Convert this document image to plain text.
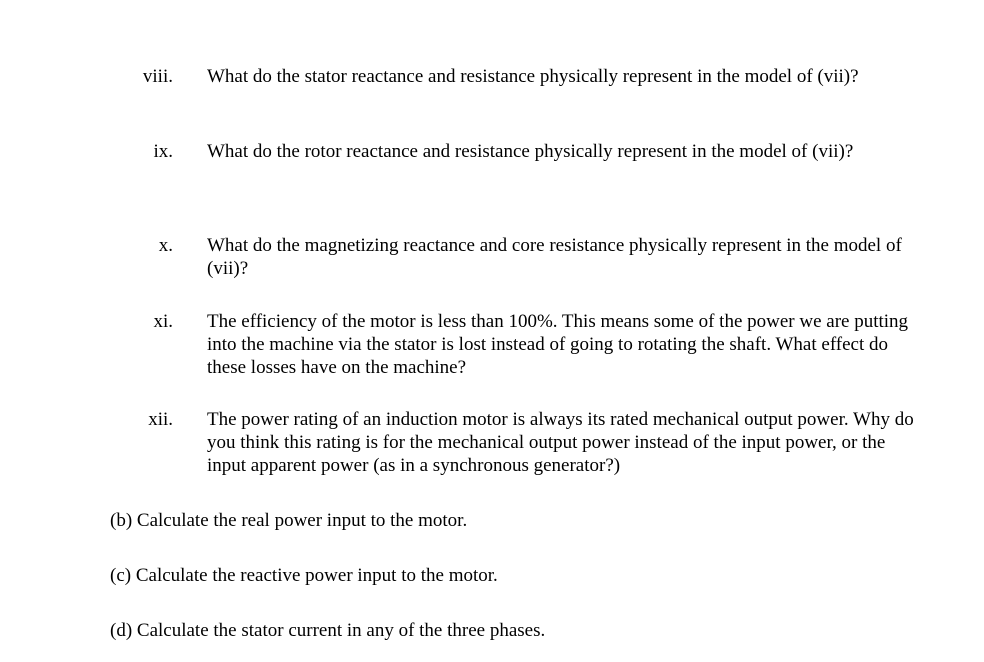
viii. What do the stator reactance and resistance physically represent in the model of (vii)?
ix. What do the rotor reactance and resistance physically represent in the model of (vii)?
x. What do the magnetizing reactance and core resistance physically represent in the model of (vii)?
xi. The efficiency of the motor is less than 100%. This means some of the power we are putting into the machine via the stator is lost instead of going to rotating the shaft. What effect do these losses have on the machine?
xii. The power rating of an induction motor is always its rated mechanical output power. Why do you think this rating is for the mechanical output power instead of the input power, or the input apparent power (as in a synchronous generator?)
(b) Calculate the real power input to the motor.
(c) Calculate the reactive power input to the motor.
(d) Calculate the stator current in any of the three phases.
